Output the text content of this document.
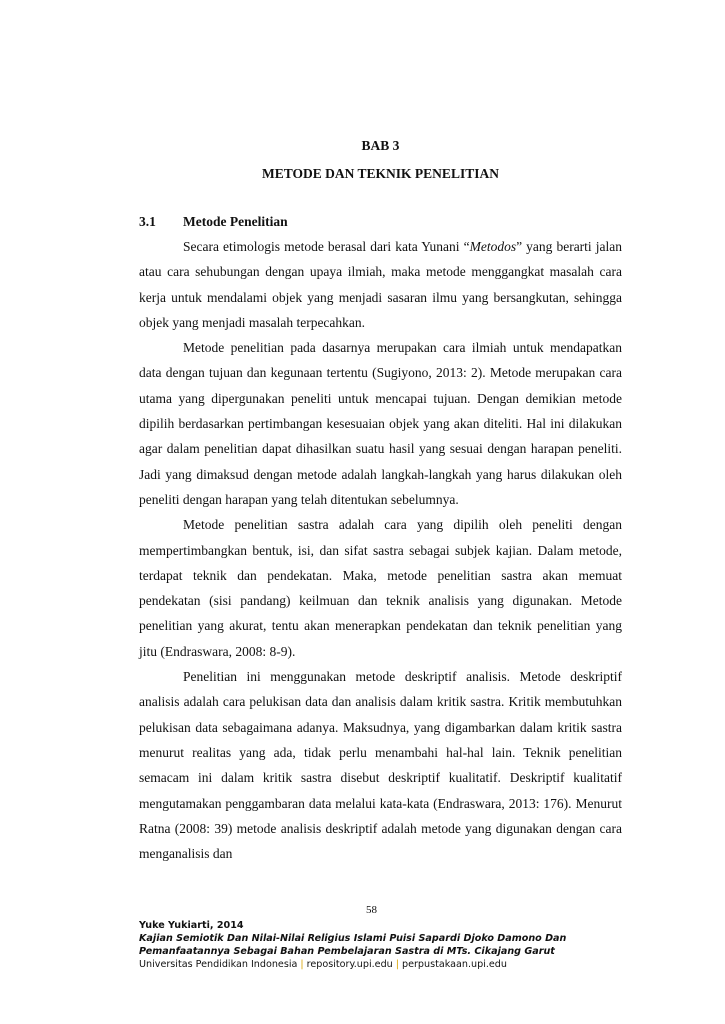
BAB 3
METODE DAN TEKNIK PENELITIAN
3.1 Metode Penelitian

Secara etimologis metode berasal dari kata Yunani “Metodos” yang berarti jalan atau cara sehubungan dengan upaya ilmiah, maka metode menggangkat masalah cara kerja untuk mendalami objek yang menjadi sasaran ilmu yang bersangkutan, sehingga objek yang menjadi masalah terpecahkan.

Metode penelitian pada dasarnya merupakan cara ilmiah untuk mendapatkan data dengan tujuan dan kegunaan tertentu (Sugiyono, 2013: 2). Metode merupakan cara utama yang dipergunakan peneliti untuk mencapai tujuan. Dengan demikian metode dipilih berdasarkan pertimbangan kesesuaian objek yang akan diteliti. Hal ini dilakukan agar dalam penelitian dapat dihasilkan suatu hasil yang sesuai dengan harapan peneliti. Jadi yang dimaksud dengan metode adalah langkah-langkah yang harus dilakukan oleh peneliti dengan harapan yang telah ditentukan sebelumnya.

Metode penelitian sastra adalah cara yang dipilih oleh peneliti dengan mempertimbangkan bentuk, isi, dan sifat sastra sebagai subjek kajian. Dalam metode, terdapat teknik dan pendekatan. Maka, metode penelitian sastra akan memuat pendekatan (sisi pandang) keilmuan dan teknik analisis yang digunakan. Metode penelitian yang akurat, tentu akan menerapkan pendekatan dan teknik penelitian yang jitu (Endraswara, 2008: 8-9).

Penelitian ini menggunakan metode deskriptif analisis. Metode deskriptif analisis adalah cara pelukisan data dan analisis dalam kritik sastra. Kritik membutuhkan pelukisan data sebagaimana adanya. Maksudnya, yang digambarkan dalam kritik sastra menurut realitas yang ada, tidak perlu menambahi hal-hal lain. Teknik penelitian semacam ini dalam kritik sastra disebut deskriptif kualitatif. Deskriptif kualitatif mengutamakan penggambaran data melalui kata-kata (Endraswara, 2013: 176). Menurut Ratna (2008: 39) metode analisis deskriptif adalah metode yang digunakan dengan cara menganalisis dan

58
Yuke Yukiarti, 2014
Kajian Semiotik Dan Nilai-Nilai Religius Islami Puisi Sapardi Djoko Damono Dan
Pemanfaatannya Sebagai Bahan Pembelajaran Sastra di MTs. Cikajang Garut
Universitas Pendidikan Indonesia | repository.upi.edu | perpustakaan.upi.edu
